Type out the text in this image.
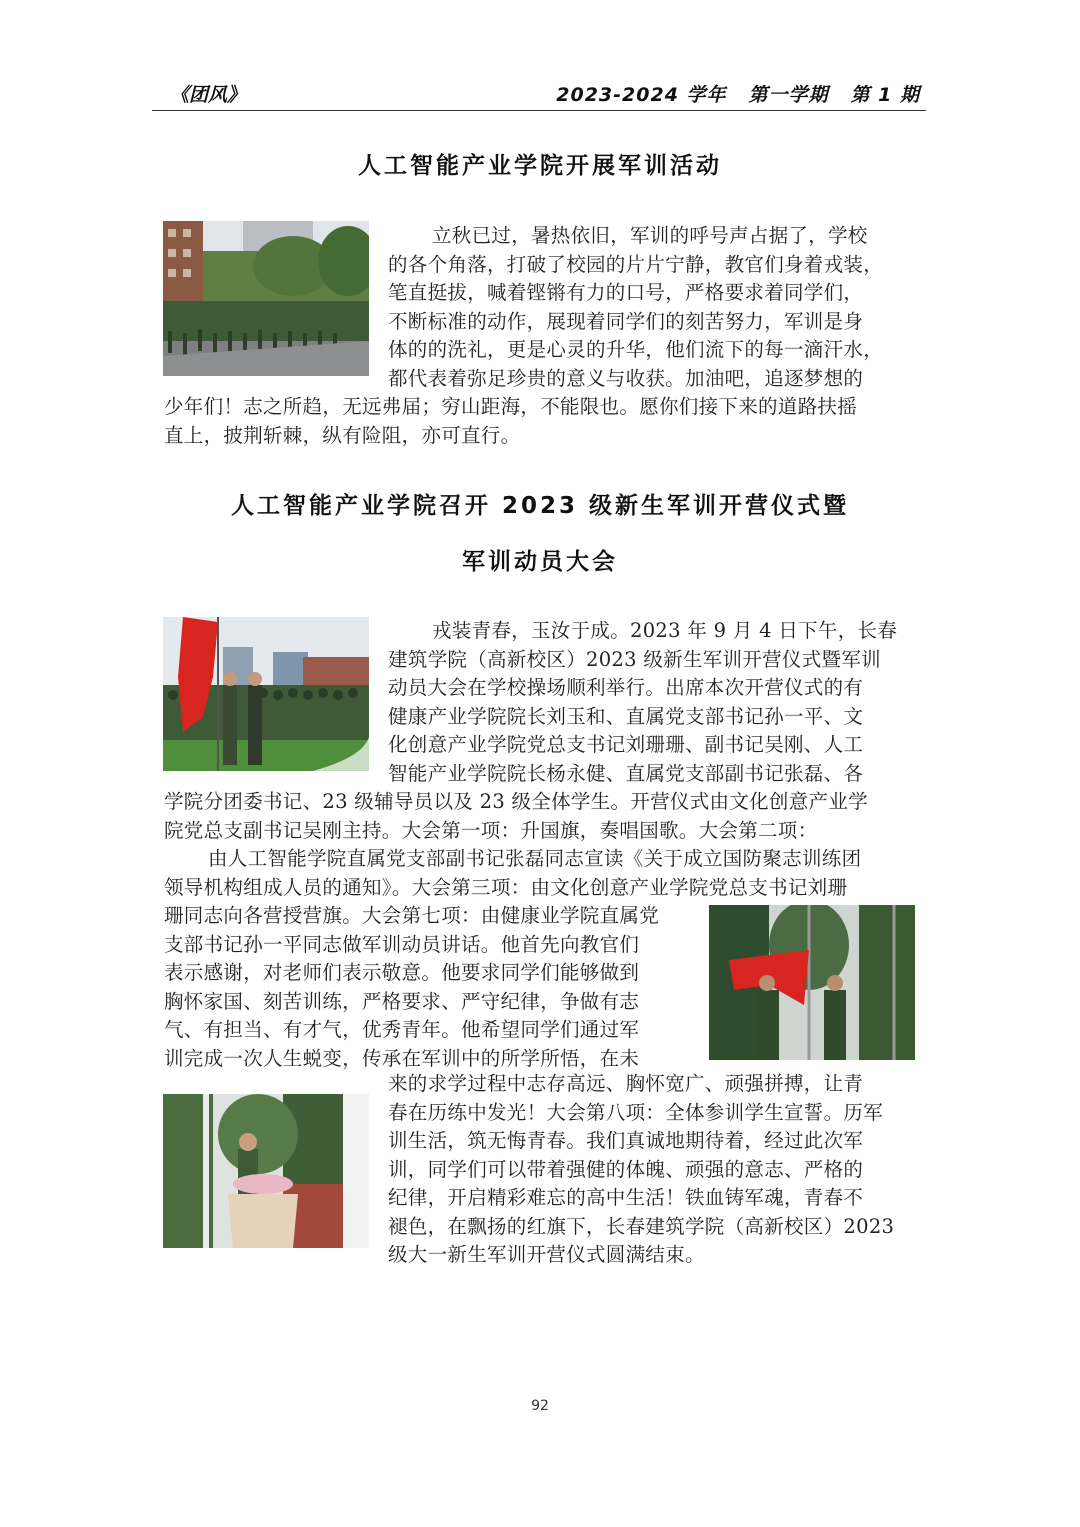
《团风》	2023-2024 学年 第一学期 第 1 期
人工智能产业学院开展军训活动

立秋已过，暑热依旧，军训的呼号声占据了，学校

的各个角落，打破了校园的片片宁静，教官们身着戎装，

笔直挺拔，喊着铿锵有力的口号，严格要求着同学们，

不断标准的动作，展现着同学们的刻苦努力，军训是身

体的的洗礼，更是心灵的升华，他们流下的每一滴汗水，

都代表着弥足珍贵的意义与收获。加油吧，追逐梦想的

少年们！志之所趋，无远弗届；穷山距海，不能限也。愿你们接下来的道路扶摇

直上，披荆斩棘，纵有险阻，亦可直行。

人工智能产业学院召开 2023 级新生军训开营仪式暨
军训动员大会

戎装青春，玉汝于成。2023 年 9 月 4 日下午，长春

建筑学院（高新校区）2023 级新生军训开营仪式暨军训

动员大会在学校操场顺利举行。出席本次开营仪式的有

健康产业学院院长刘玉和、直属党支部书记孙一平、文

化创意产业学院党总支书记刘珊珊、副书记吴刚、人工

智能产业学院院长杨永健、直属党支部副书记张磊、各

学院分团委书记、23 级辅导员以及 23 级全体学生。开营仪式由文化创意产业学

院党总支副书记吴刚主持。大会第一项：升国旗，奏唱国歌。大会第二项：

由人工智能学院直属党支部副书记张磊同志宣读《关于成立国防聚志训练团

领导机构组成人员的通知》。大会第三项：由文化创意产业学院党总支书记刘珊

珊同志向各营授营旗。大会第七项：由健康业学院直属党

支部书记孙一平同志做军训动员讲话。他首先向教官们

表示感谢，对老师们表示敬意。他要求同学们能够做到

胸怀家国、刻苦训练，严格要求、严守纪律，争做有志

气、有担当、有才气，优秀青年。他希望同学们通过军

训完成一次人生蜕变，传承在军训中的所学所悟，在未

来的求学过程中志存高远、胸怀宽广、顽强拼搏，让青

春在历练中发光！大会第八项：全体参训学生宣誓。历军

训生活，筑无悔青春。我们真诚地期待着，经过此次军

训，同学们可以带着强健的体魄、顽强的意志、严格的

纪律，开启精彩难忘的高中生活！铁血铸军魂，青春不

褪色，在飘扬的红旗下，长春建筑学院（高新校区）2023

级大一新生军训开营仪式圆满结束。

92
